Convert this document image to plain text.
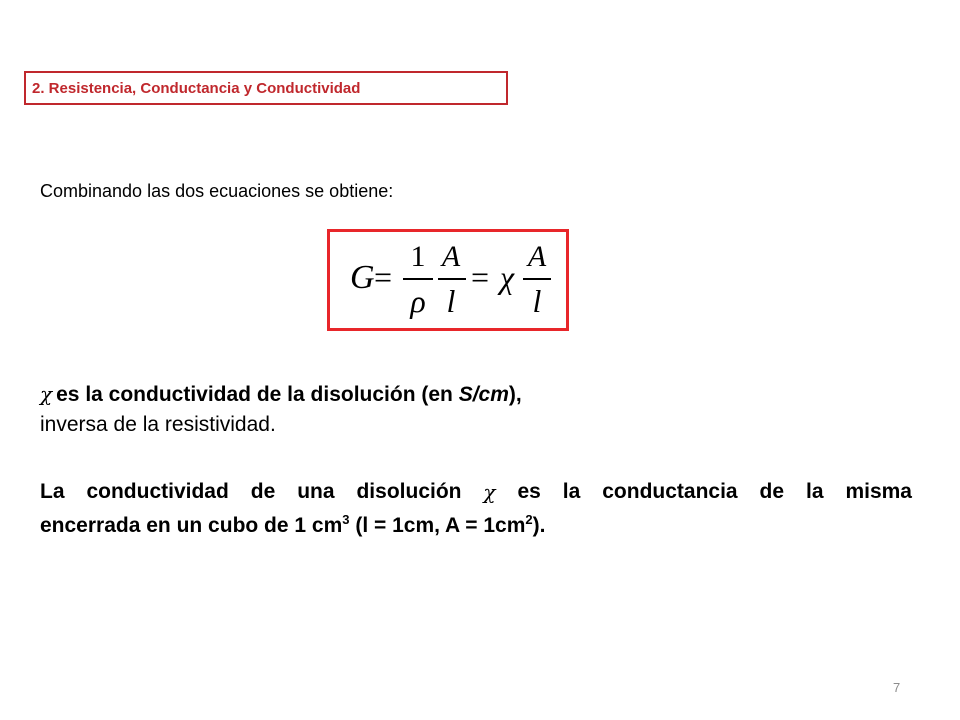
2. Resistencia, Conductancia y Conductividad
Combinando las dos ecuaciones se obtiene:
G =
1
ρ
A
l
= χ
A
l
χ es la conductividad de la disolución (en S/cm),
inversa de la resistividad.
La conductividad de una disolución χ es la conductancia de la misma
encerrada en un cubo de 1 $cm^3$ (l = 1cm, $A = 1cm^2$).
7
